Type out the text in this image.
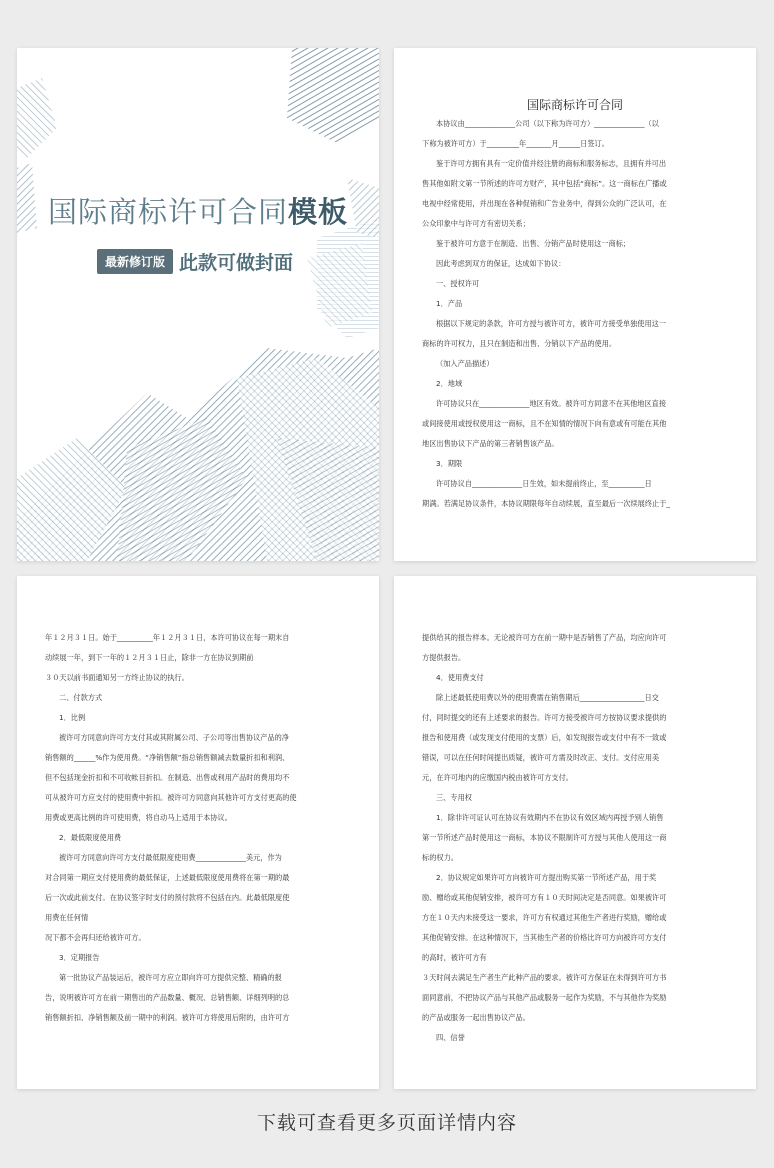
国际商标许可合同模板
最新修订版 此款可做封面
国际商标许可合同

本协议由______________公司（以下称为许可方）______________（以

下称为被许可方）于_________年_______月______日签订。

鉴于许可方拥有具有一定价值并经注册的商标和服务标志，且拥有并可出

售其他如附文第一节所述的许可方财产，其中包括“商标”。这一商标在广播或

电视中经常使用，并出现在各种促销和广告业务中，得到公众的广泛认可，在

公众印象中与许可方有密切关系；

鉴于被许可方意于在制造、出售、分销产品时使用这一商标；

因此考虑到双方的保证，达成如下协议：

一、授权许可

1．产品

根据以下规定的条款，许可方授与被许可方，被许可方接受单独使用这一

商标的许可权力，且只在制造和出售、分销以下产品的使用。

（加入产品描述）

2．地域

许可协议只在______________地区有效。被许可方同意不在其他地区直接

或间接使用或授权使用这一商标，且不在知情的情况下向有意或有可能在其他

地区出售协议下产品的第三者销售该产品。

3．期限

许可协议自______________日生效，如未提前终止，至__________日

期满。若满足协议条件，本协议期限每年自动续展，直至最后一次续展终止于_

年１２月３１日。始于__________年１２月３１日，本许可协议在每一期末自

动续展一年，到下一年的１２月３１日止，除非一方在协议到期前

３０天以前书面通知另一方终止协议的执行。

二、付款方式

1．比例

被许可方同意向许可方支付其或其附属公司、子公司等出售协议产品的净

销售额的______%作为使用费。“净销售额”指总销售额减去数量折扣和利润、

但不包括现金折扣和不可收帐目折扣。在制造、出售或利用产品时的费用均不

可从被许可方应支付的使用费中折扣。被许可方同意向其他许可方支付更高的使

用费或更高比例的许可使用费，将自动马上适用于本协议。

2．最低限度使用费

被许可方同意向许可方支付最低限度使用费______________美元，作为

对合同第一期应支付使用费的最低保证，上述最低限度使用费将在第一期的最

后一次或此前支付。在协议签字时支付的预付款将不包括在内。此最低限度使

用费在任何情

况下都不会再归还给被许可方。

3．定期报告

第一批协议产品装运后，被许可方应立即向许可方提供完整、精确的报

告，说明被许可方在前一期售出的产品数量、概况、总销售额、详细列明的总

销售额折扣、净销售额及前一期中的利润。被许可方将使用后附的，由许可方

提供给其的报告样本。无论被许可方在前一期中是否销售了产品，均应向许可

方提供报告。

4．使用费支付

除上述最低使用费以外的使用费需在销售期后__________________日交

付，同时提交的还有上述要求的报告。许可方接受被许可方按协议要求提供的

报告和使用费（或发现支付使用的支票）后，如发现报告或支付中有不一致或

错误，可以在任何时间提出质疑，被许可方需及时改正、支付。支付应用美

元，在许可地内的应缴国内税由被许可方支付。

三、专用权

1．除非许可证认可在协议有效期内不在协议有效区域内再授予别人销售

第一节所述产品时使用这一商标，本协议不限制许可方授与其他人使用这一商

标的权力。

2．协议规定如果许可方向被许可方提出购买第一节所述产品，用于奖

励、赠给或其他促销安排，被许可方有１０天时间决定是否同意。如果被许可

方在１０天内未接受这一要求，许可方有权通过其他生产者进行奖励，赠给或

其他促销安排。在这种情况下，当其他生产者的价格比许可方向被许可方支付

的高时，被许可方有

３天时间去满足生产者生产此种产品的要求。被许可方保证在未得到许可方书

面同意前，不把协议产品与其他产品或服务一起作为奖励，不与其他作为奖励

的产品或服务一起出售协议产品。

四、信誉

下载可查看更多页面详情内容
